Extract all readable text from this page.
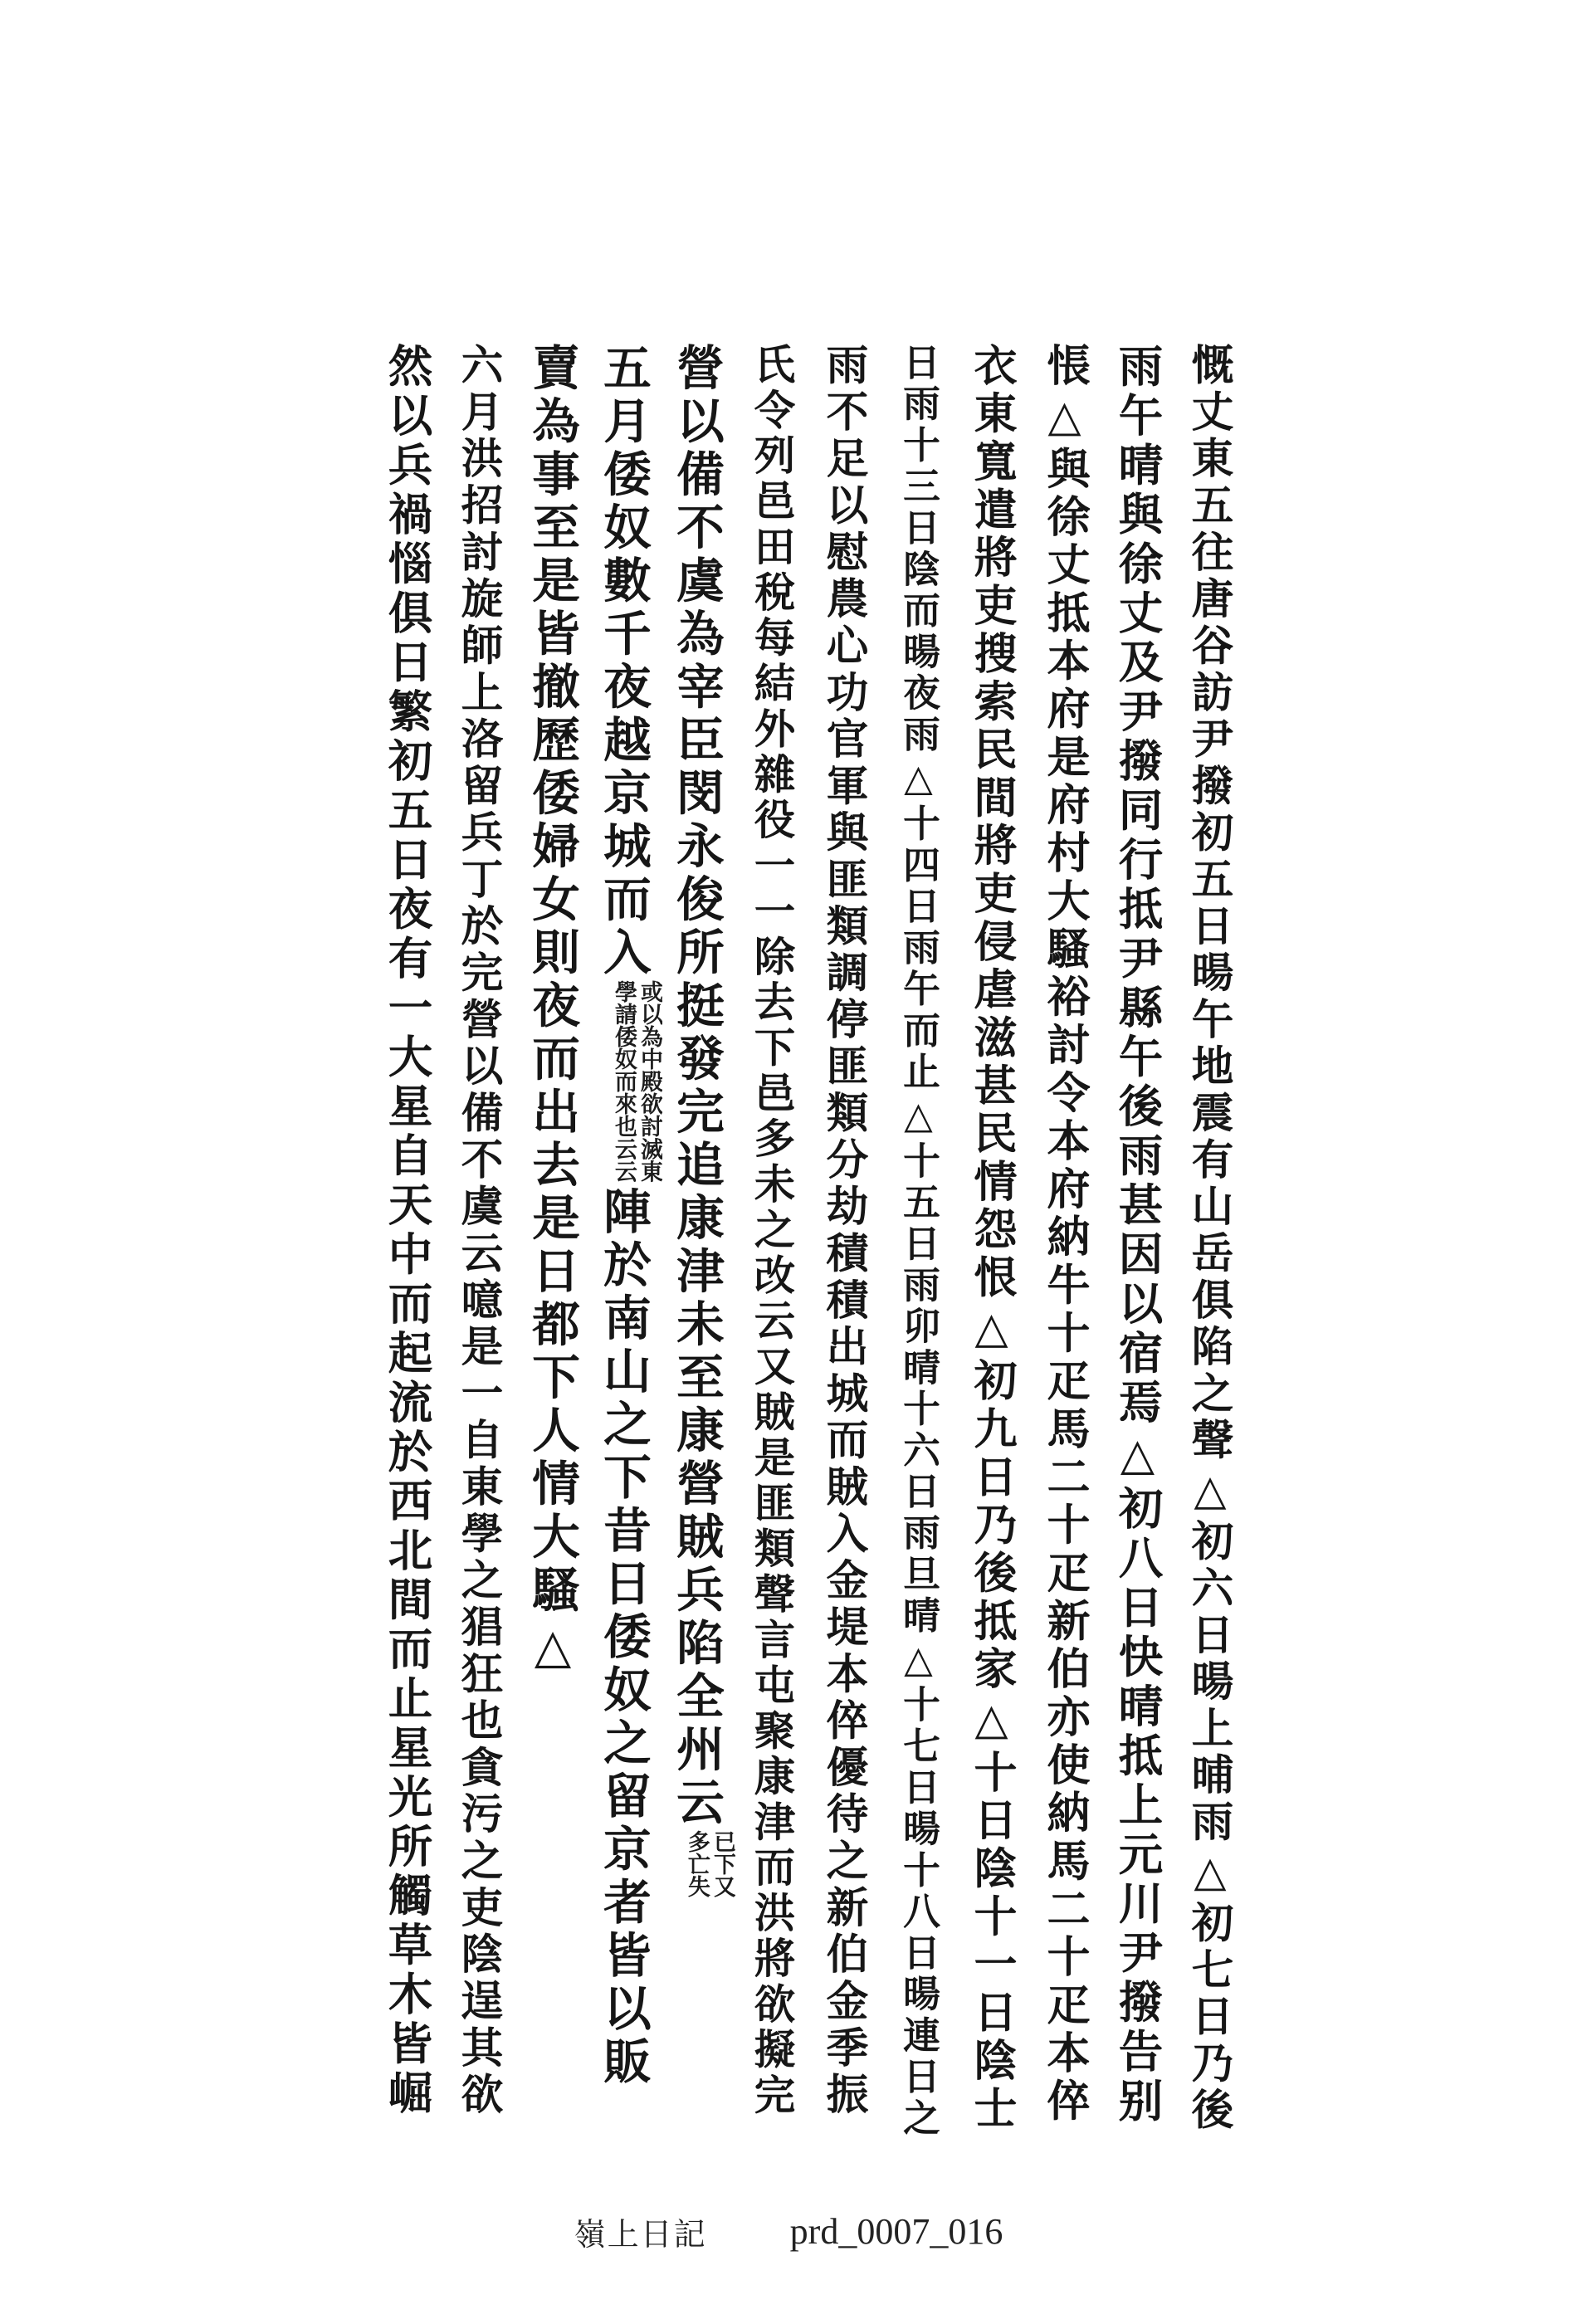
慨丈東五往唐谷訪尹撥初五日暘午地震有山岳俱陷之聲△初六日暘上晡雨△初七日乃後
雨午晴與徐丈及尹撥同行抵尹縣午後雨甚因以宿焉△初八日快晴抵上元川尹撥告别
悵△與徐丈抵本府是府村大騷裕討令本府納牛十疋馬二十疋新伯亦使納馬二十疋本倅
衣東寬遣將吏搜索民間將吏侵虐滋甚民情怨恨△初九日乃後抵家△十日陰十一日陰士
日雨十三日陰而暘夜雨△十四日雨午而止△十五日雨卯晴十六日雨旦晴△十七日暘十八日暘連日之
雨不足以慰農心功官軍與匪類調停匪類分劫積積出城而賊入金堤本倅優待之新伯金季振
氏令列邑田稅每結外雜役一一除去下邑多未之改云又賊是匪類聲言屯聚康津而洪將欲擬完
營以備不虞為宰臣閔永俊所挺發完追康津未至康營賊兵陷全州云已下又多亡失
五月倭奴數千夜越京城而入或以為中殿欲討滅東學請倭奴而來也云云陣於南山之下昔日倭奴之留京者皆以販
賣為事至是皆撤歷倭婦女則夜而出去是日都下人情大騷△
六月洪招討旋師上洛留兵丁於完營以備不虞云噫是一自東學之猖狂也貪污之吏陰逞其欲
然以兵禍惱俱日繁初五日夜有一大星自天中而起流於西北間而止星光所觸草木皆崛
嶺上日記 prd_0007_016
